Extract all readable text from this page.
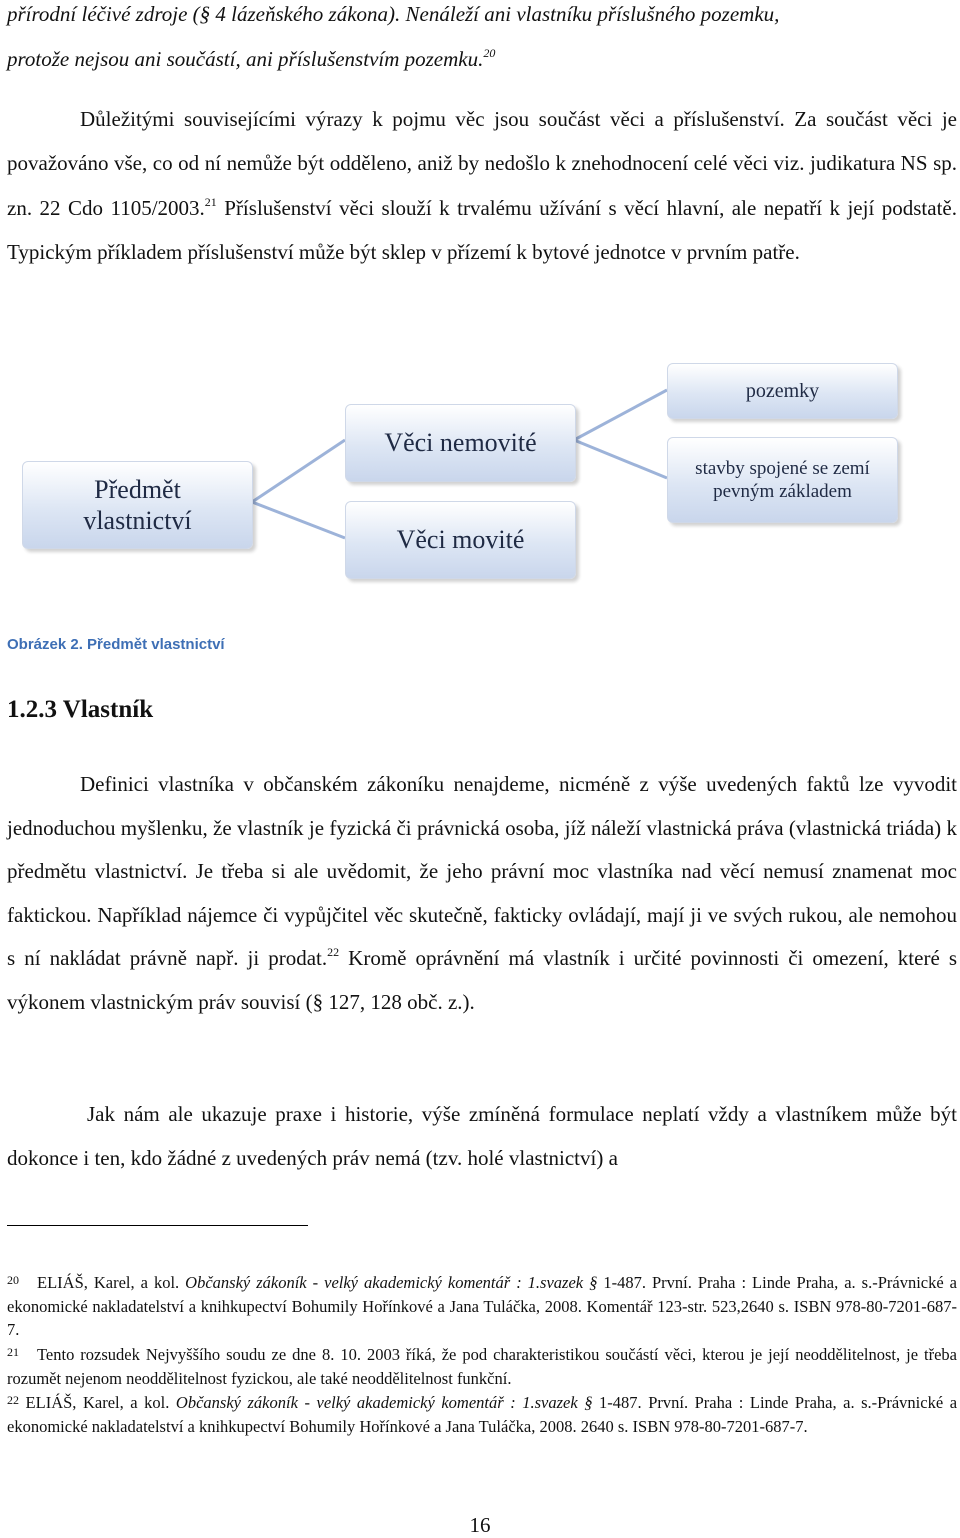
přírodní léčivé zdroje (§ 4 lázeňského zákona). Nenáleží ani vlastníku příslušného pozemku,
protože nejsou ani součástí, ani příslušenstvím pozemku.$^{20}$
Důležitými souvisejícími výrazy k pojmu věc jsou součást věci a příslušenství. Za součást věci je považováno vše, co od ní nemůže být odděleno, aniž by nedošlo k znehodnocení celé věci viz. judikatura NS sp. zn. 22 Cdo 1105/2003.21 Příslušenství věci slouží k trvalému užívání s věcí hlavní, ale nepatří k její podstatě. Typickým příkladem příslušenství může být sklep v přízemí k bytové jednotce v prvním patře.
Předmět vlastnictví
Věci nemovité
Věci movité
pozemky
stavby spojené se zemí pevným základem
Obrázek 2. Předmět vlastnictví
1.2.3 Vlastník
Definici vlastníka v občanském zákoníku nenajdeme, nicméně z výše uvedených faktů lze vyvodit jednoduchou myšlenku, že vlastník je fyzická či právnická osoba, jíž náleží vlastnická práva (vlastnická triáda) k předmětu vlastnictví. Je třeba si ale uvědomit, že jeho právní moc vlastníka nad věcí nemusí znamenat moc faktickou. Například nájemce či vypůjčitel věc skutečně, fakticky ovládají, mají ji ve svých rukou, ale nemohou s ní nakládat právně např. ji prodat.$^{22}$ Kromě oprávnění má vlastník i určité povinnosti či omezení, které s výkonem vlastnickým práv souvisí (§ 127, 128 obč. z.).
Jak nám ale ukazuje praxe i historie, výše zmíněná formulace neplatí vždy a vlastníkem může být dokonce i ten, kdo žádné z uvedených práv nemá (tzv. holé vlastnictví) a
$^{20}$ ELIÁŠ, Karel, a kol. Občanský zákoník - velký akademický komentář : 1.svazek § 1-487. První. Praha : Linde Praha, a. s.-Právnické a ekonomické nakladatelství a knihkupectví Bohumily Hořínkové a Jana Tuláčka, 2008. Komentář 123-str. 523,2640 s. ISBN 978-80-7201-687-7.
$^{21}$ Tento rozsudek Nejvyššího soudu ze dne 8. 10. 2003 říká, že pod charakteristikou součástí věci, kterou je její neoddělitelnost, je třeba rozumět nejenom neoddělitelnost fyzickou, ale také neoddělitelnost funkční.
$^{22}$ ELIÁŠ, Karel, a kol. Občanský zákoník - velký akademický komentář : 1.svazek § 1-487. První. Praha : Linde Praha, a. s.-Právnické a ekonomické nakladatelství a knihkupectví Bohumily Hořínkové a Jana Tuláčka, 2008. 2640 s. ISBN 978-80-7201-687-7.
16
